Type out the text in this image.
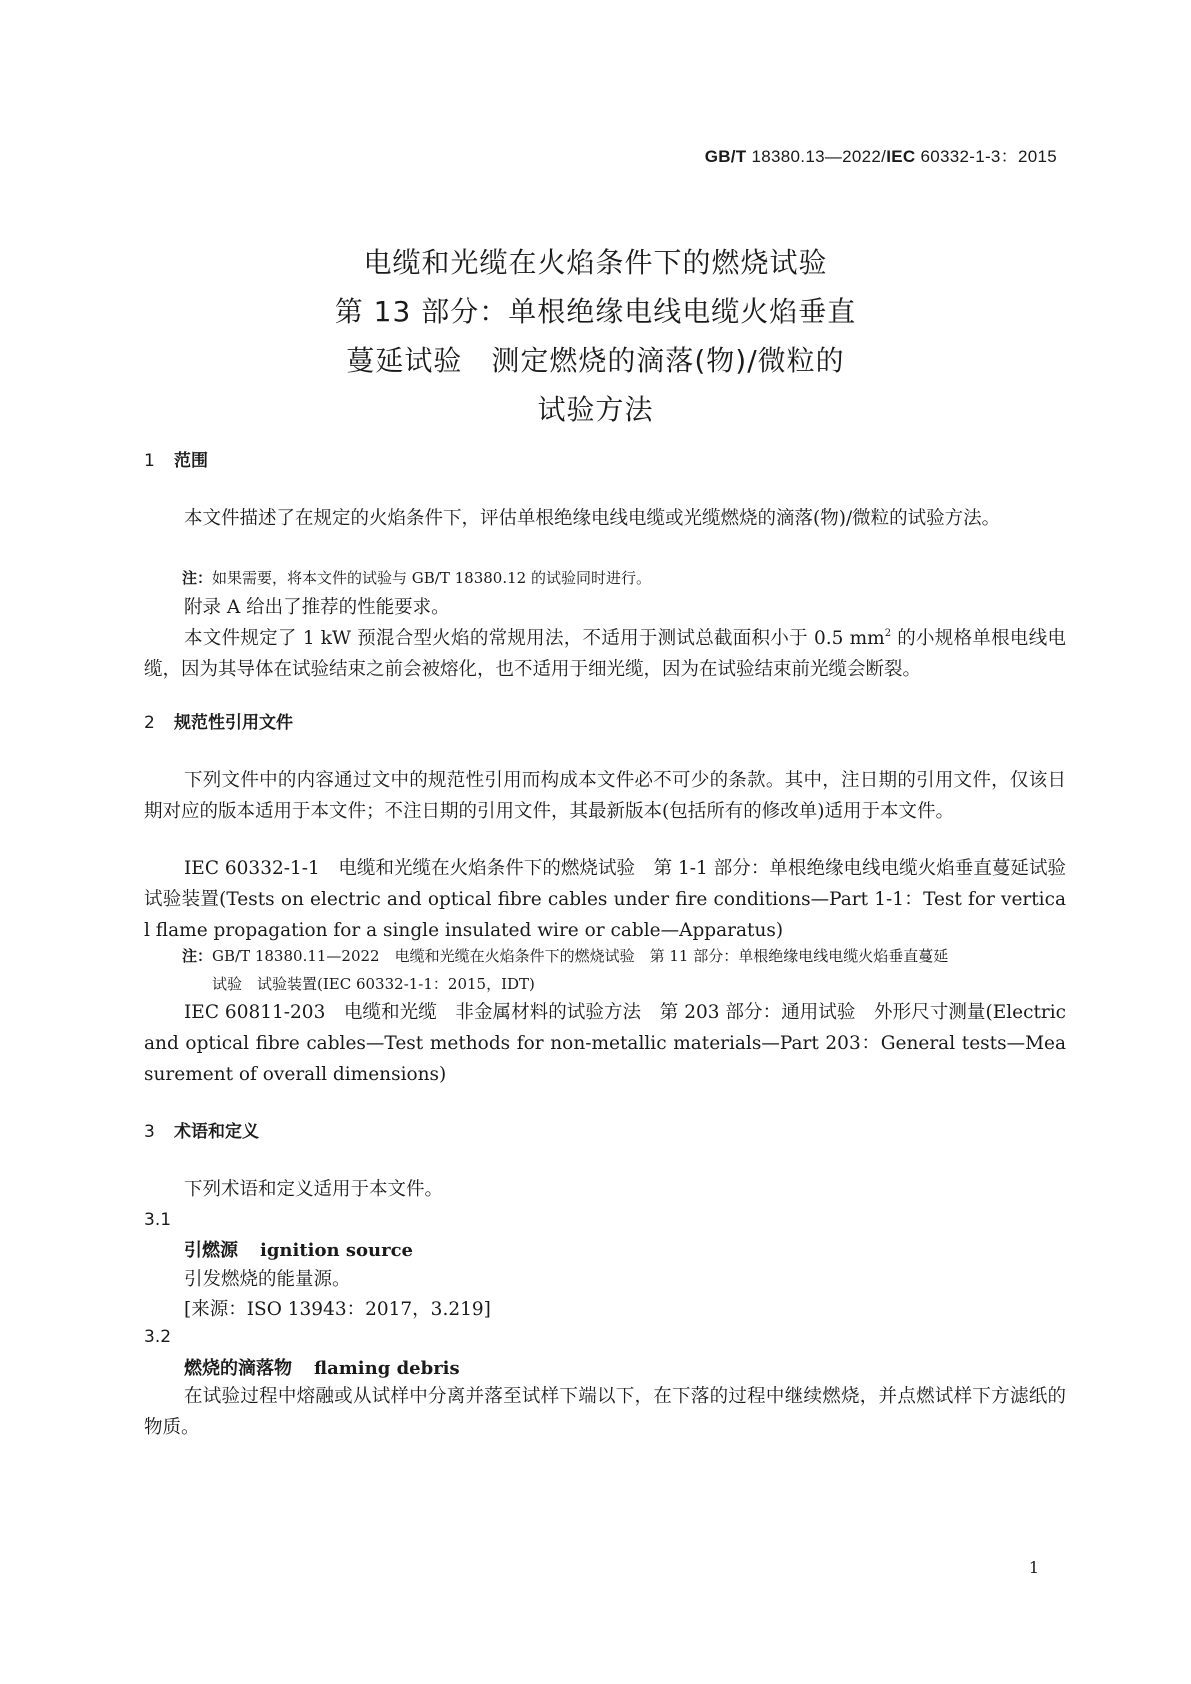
GB/T 18380.13—2022/IEC 60332-1-3：2015
电缆和光缆在火焰条件下的燃烧试验
第 13 部分：单根绝缘电线电缆火焰垂直
蔓延试验　测定燃烧的滴落(物)/微粒的
试验方法
1 范围
本文件描述了在规定的火焰条件下，评估单根绝缘电线电缆或光缆燃烧的滴落(物)/微粒的试验方法。
注：如果需要，将本文件的试验与 GB/T 18380.12 的试验同时进行。
附录 A 给出了推荐的性能要求。
本文件规定了 1 kW 预混合型火焰的常规用法，不适用于测试总截面积小于 0.5 $mm^2$ 的小规格单根电线电缆，因为其导体在试验结束之前会被熔化，也不适用于细光缆，因为在试验结束前光缆会断裂。
2 规范性引用文件
下列文件中的内容通过文中的规范性引用而构成本文件必不可少的条款。其中，注日期的引用文件，仅该日期对应的版本适用于本文件；不注日期的引用文件，其最新版本(包括所有的修改单)适用于本文件。
IEC 60332-1-1　电缆和光缆在火焰条件下的燃烧试验　第 1-1 部分：单根绝缘电线电缆火焰垂直蔓延试验　试验装置(Tests on electric and optical fibre cables under fire conditions—Part 1-1：Test for vertical flame propagation for a single insulated wire or cable—Apparatus)
注：GB/T 18380.11—2022　电缆和光缆在火焰条件下的燃烧试验　第 11 部分：单根绝缘电线电缆火焰垂直蔓延
试验　试验装置(IEC 60332-1-1：2015，IDT)
IEC 60811-203　电缆和光缆　非金属材料的试验方法　第 203 部分：通用试验　外形尺寸测量(Electric and optical fibre cables—Test methods for non-metallic materials—Part 203：General tests—Measurement of overall dimensions)
3 术语和定义
下列术语和定义适用于本文件。
3.1
引燃源 ignition source
引发燃烧的能量源。
[来源：ISO 13943：2017，3.219]
3.2
燃烧的滴落物 flaming debris
在试验过程中熔融或从试样中分离并落至试样下端以下，在下落的过程中继续燃烧，并点燃试样下方滤纸的物质。
1
